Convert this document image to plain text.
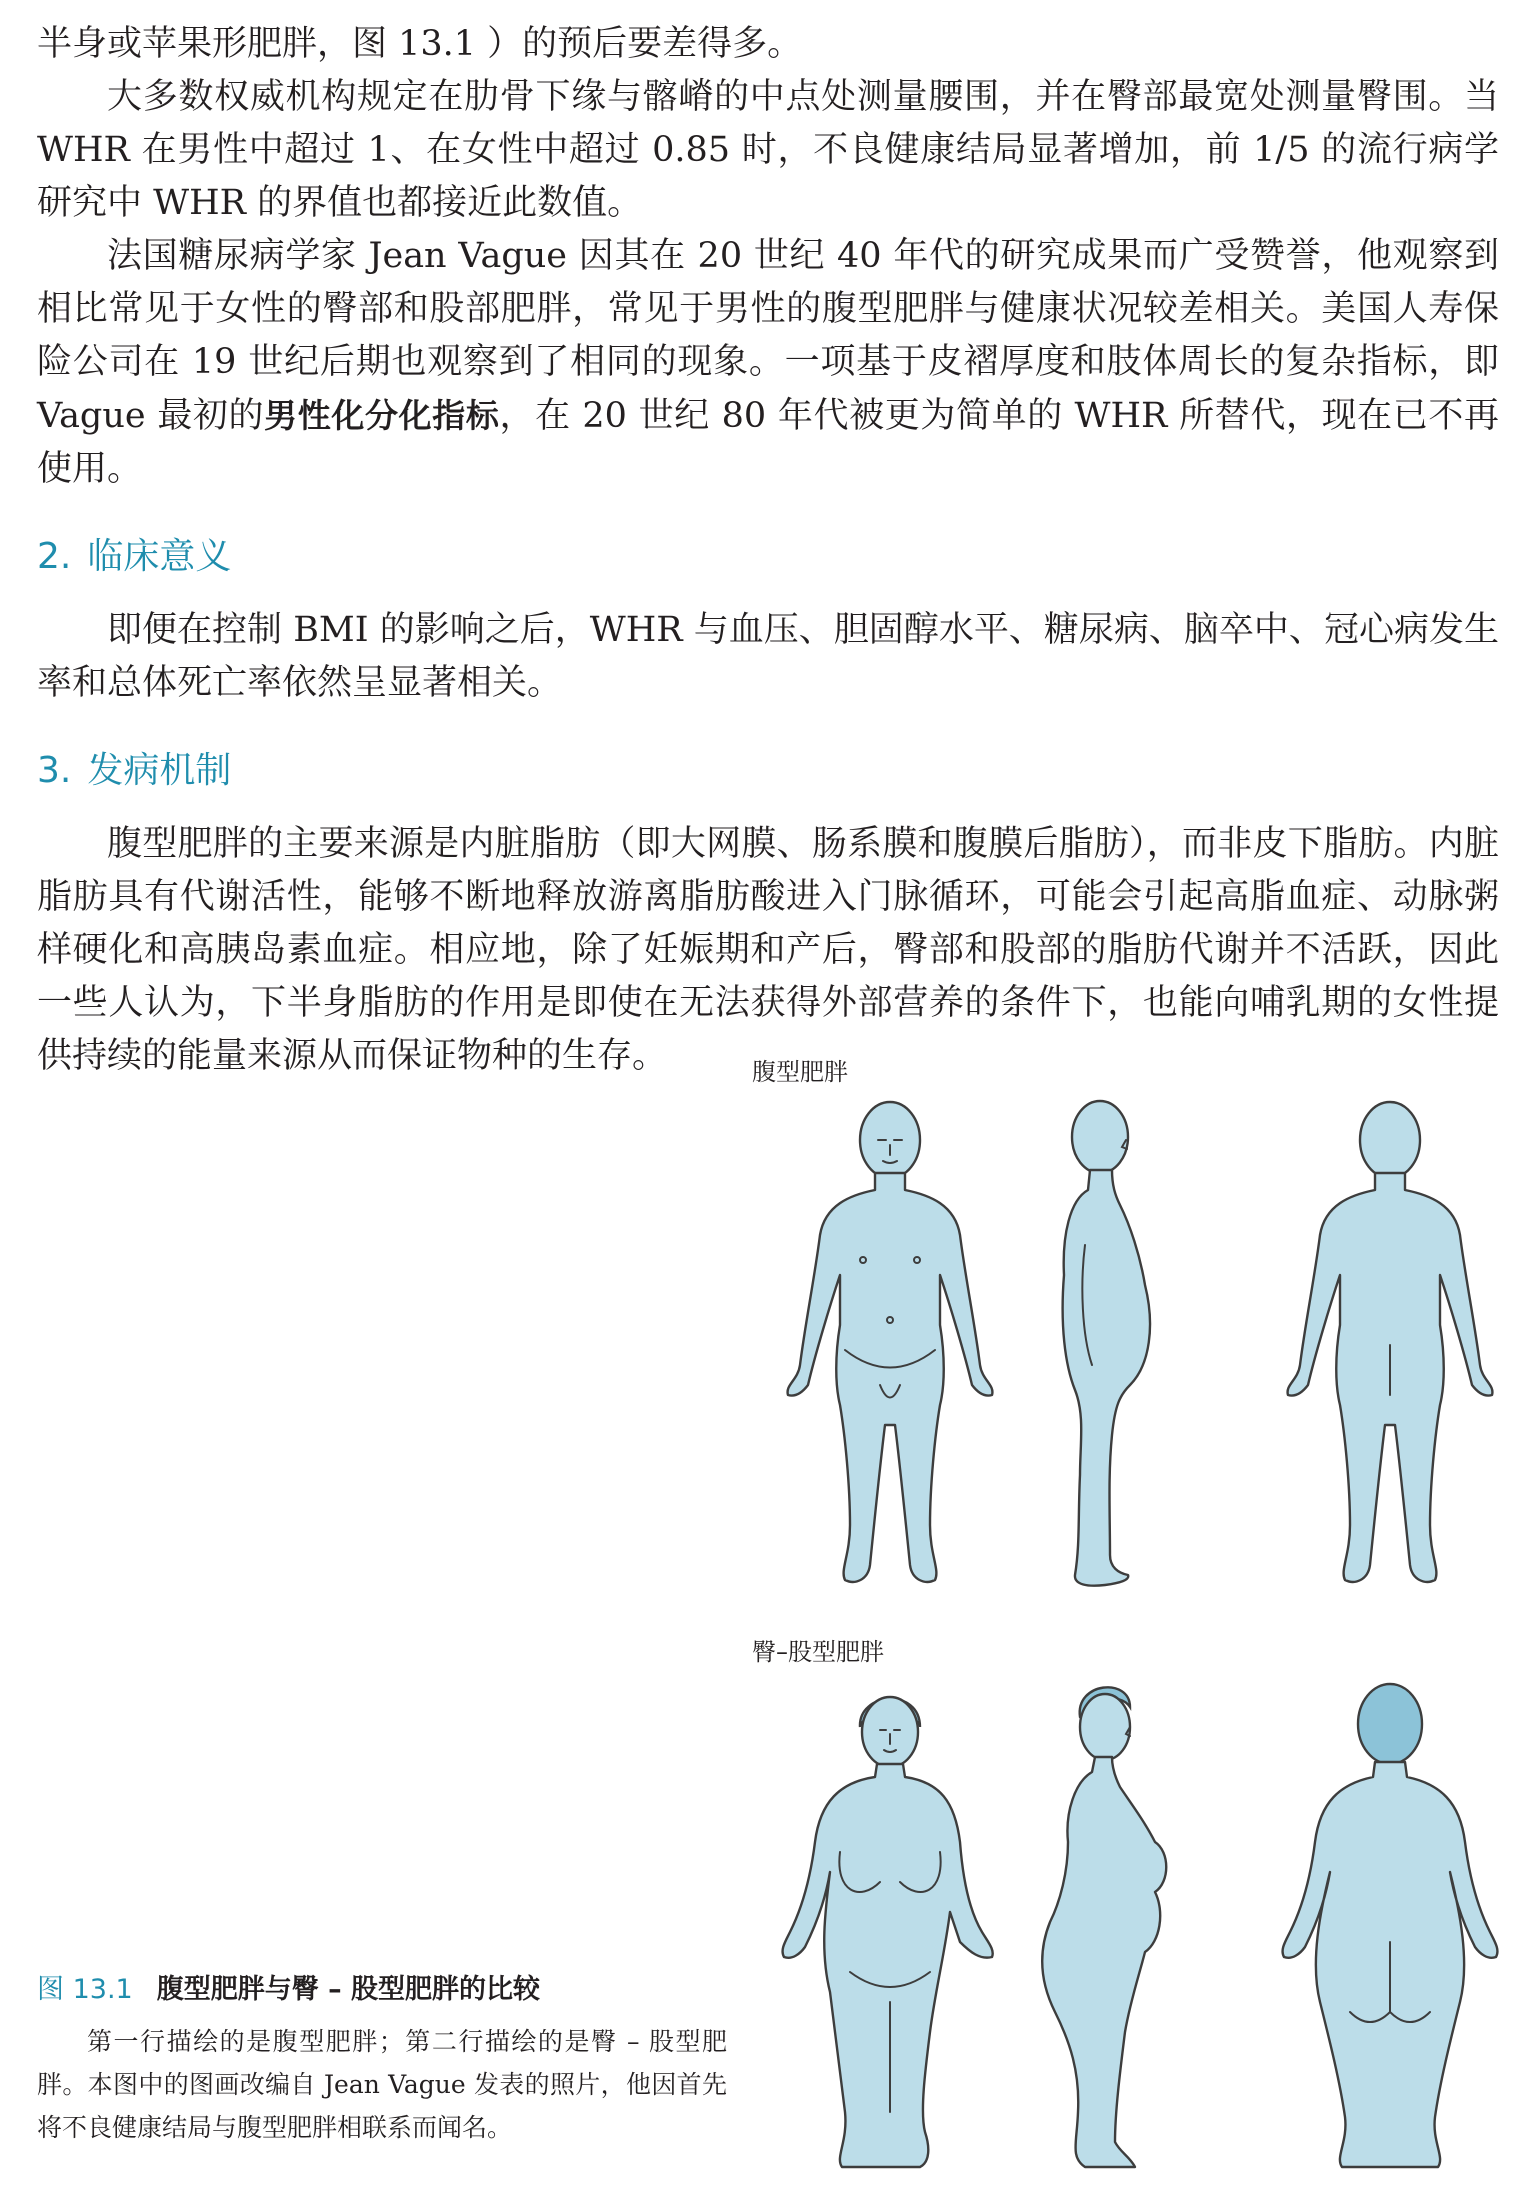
半身或苹果形肥胖，图 13.1 ）的预后要差得多。

大多数权威机构规定在肋骨下缘与髂嵴的中点处测量腰围，并在臀部最宽处测量臀围。当 WHR 在男性中超过 1、在女性中超过 0.85 时，不良健康结局显著增加，前 1/5 的流行病学研究中 WHR 的界值也都接近此数值。

法国糖尿病学家 Jean Vague 因其在 20 世纪 40 年代的研究成果而广受赞誉，他观察到相比常见于女性的臀部和股部肥胖，常见于男性的腹型肥胖与健康状况较差相关。美国人寿保险公司在 19 世纪后期也观察到了相同的现象。一项基于皮褶厚度和肢体周长的复杂指标，即 Vague 最初的男性化分化指标，在 20 世纪 80 年代被更为简单的 WHR 所替代，现在已不再使用。

2. 临床意义

即便在控制 BMI 的影响之后，WHR 与血压、胆固醇水平、糖尿病、脑卒中、冠心病发生率和总体死亡率依然呈显著相关。

3. 发病机制

腹型肥胖的主要来源是内脏脂肪（即大网膜、肠系膜和腹膜后脂肪），而非皮下脂肪。内脏脂肪具有代谢活性，能够不断地释放游离脂肪酸进入门脉循环，可能会引起高脂血症、动脉粥样硬化和高胰岛素血症。相应地，除了妊娠期和产后，臀部和股部的脂肪代谢并不活跃，因此一些人认为，下半身脂肪的作用是即使在无法获得外部营养的条件下，也能向哺乳期的女性提供持续的能量来源从而保证物种的生存。	腹型肥胖
臀–股型肥胖
图 13.1 腹型肥胖与臀 – 股型肥胖的比较
第一行描绘的是腹型肥胖；第二行描绘的是臀 – 股型肥胖。本图中的图画改编自 Jean Vague 发表的照片，他因首先将不良健康结局与腹型肥胖相联系而闻名。
